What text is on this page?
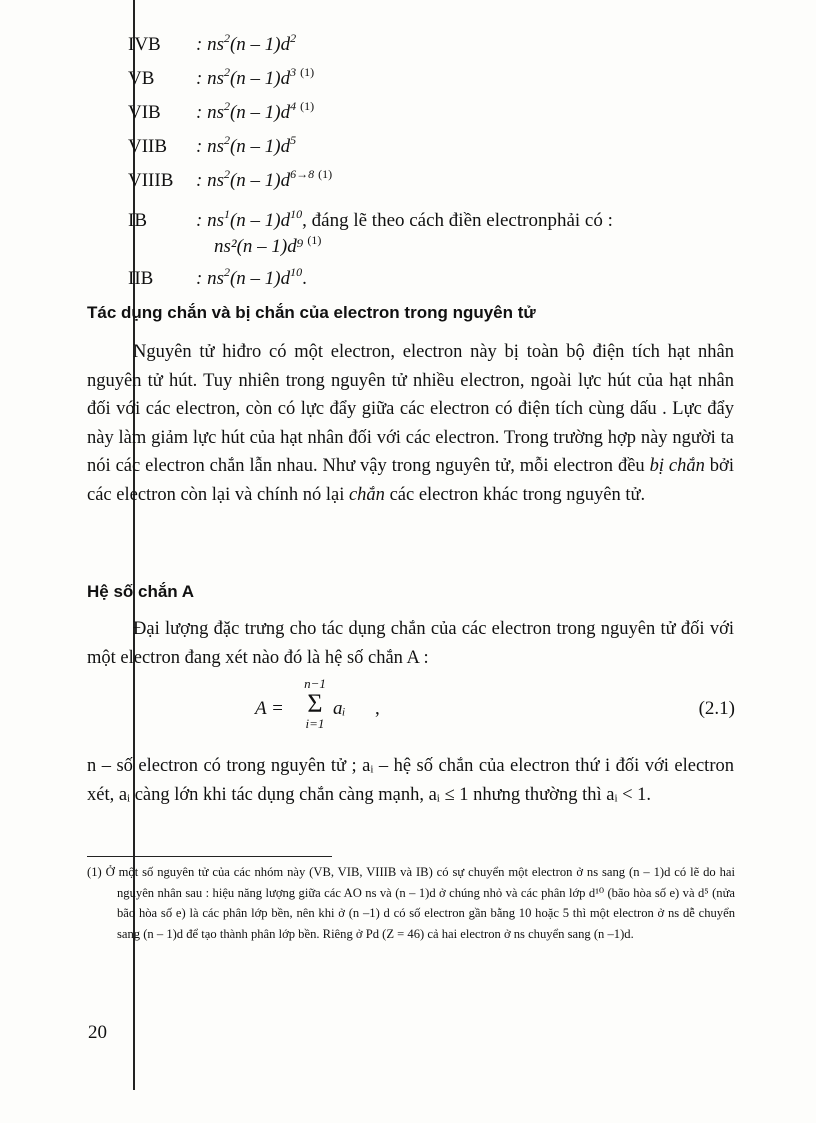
IVB	: $ns^2(n - 1)d^2$
VB	: $ns^2(n - 1)d^3$ (1)
VIB	: $ns^2(n - 1)d^4$ (1)
VIIB	: $ns^2(n - 1)d^5$
VIIIB	: $ns^2(n - 1)d^{6\to 8}$ (1)
IB	: $ns^1(n - 1)d^{10}$, đáng lẽ theo cách điền electronphải có :
ns²(n – 1)d⁹ $^{(1)}$
IIB	: $ns^2(n - 1)d^{10}$ .
Tác dụng chắn và bị chắn của electron trong nguyên tử
Nguyên tử hiđro có một electron, electron này bị toàn bộ điện tích hạt nhân nguyên tử hút. Tuy nhiên trong nguyên tử nhiều electron, ngoài lực hút của hạt nhân đối với các electron, còn có lực đẩy giữa các electron có điện tích cùng dấu . Lực đẩy này làm giảm lực hút của hạt nhân đối với các electron. Trong trường hợp này người ta nói các electron chắn lẫn nhau. Như vậy trong nguyên tử, mỗi electron đều bị chắn bởi các electron còn lại và chính nó lại chắn các electron khác trong nguyên tử.
Hệ số chắn A
Đại lượng đặc trưng cho tác dụng chắn của các electron trong nguyên tử đối với một electron đang xét nào đó là hệ số chắn A :
A =
n−1
Σ
i=1
aᵢ ,	(2.1)
n – số electron có trong nguyên tử ; aᵢ – hệ số chắn của electron thứ i đối với electron xét, aᵢ càng lớn khi tác dụng chắn càng mạnh, aᵢ ≤ 1 nhưng thường thì aᵢ < 1.
(1) Ở một số nguyên tử của các nhóm này (VB, VIB, VIIIB và IB) có sự chuyển một electron ở ns sang (n – 1)d có lẽ do hai nguyên nhân sau : hiệu năng lượng giữa các AO ns và (n – 1)d ở chúng nhỏ và các phân lớp d¹⁰ (bão hòa số e) và d⁵ (nửa bão hòa số e) là các phân lớp bền, nên khi ở (n –1) d có số electron gần bằng 10 hoặc 5 thì một electron ở ns dễ chuyển sang (n – 1)d để tạo thành phân lớp bền. Riêng ở Pd (Z = 46) cả hai electron ở ns chuyển sang (n –1)d.
20
